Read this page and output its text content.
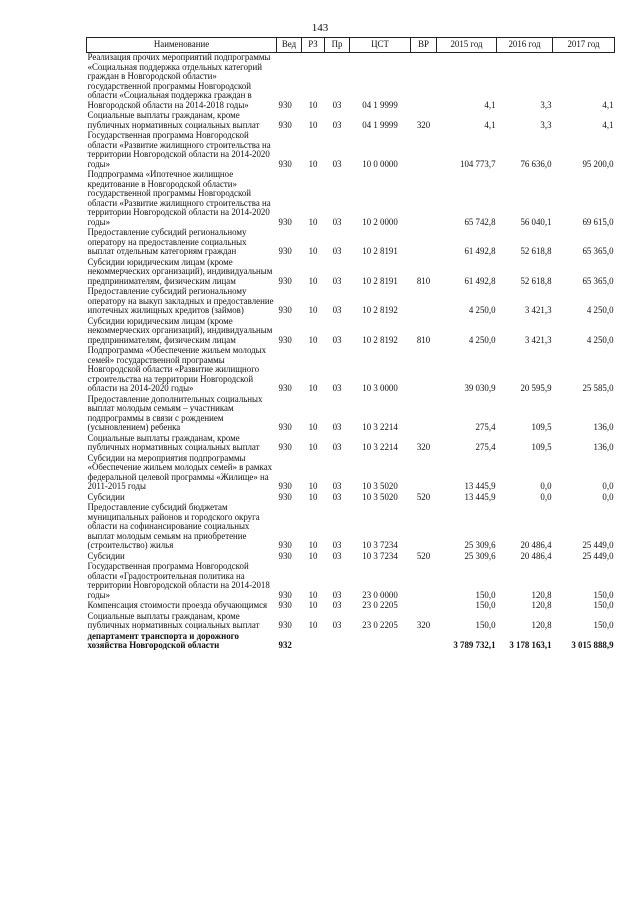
143
Наименование	Вед	РЗ	Пр	ЦСТ	ВР	2015 год	2016 год	2017 год
Реализация прочих мероприятий подпрограммы «Социальная поддержка отдельных категорий граждан в Новгородской области» государственной программы Новгородской области «Социальная поддержка граждан в Новгородской области на 2014-2018 годы»	930	10	03	04 1 9999		4,1	3,3	4,1
Социальные выплаты гражданам, кроме публичных нормативных социальных выплат	930	10	03	04 1 9999	320	4,1	3,3	4,1
Государственная программа Новгородской области «Развитие жилищного строительства на территории Новгородской области на 2014-2020 годы»	930	10	03	10 0 0000		104 773,7	76 636,0	95 200,0
Подпрограмма «Ипотечное жилищное кредитование в Новгородской области» государственной программы Новгородской области «Развитие жилищного строительства на территории Новгородской области на 2014-2020 годы»	930	10	03	10 2 0000		65 742,8	56 040,1	69 615,0
Предоставление субсидий региональному оператору на предоставление социальных выплат отдельным категориям граждан	930	10	03	10 2 8191		61 492,8	52 618,8	65 365,0
Субсидии юридическим лицам (кроме некоммерческих организаций), индивидуальным предпринимателям, физическим лицам	930	10	03	10 2 8191	810	61 492,8	52 618,8	65 365,0
Предоставление субсидий региональному оператору на выкуп закладных и предоставление ипотечных жилищных кредитов (займов)	930	10	03	10 2 8192		4 250,0	3 421,3	4 250,0
Субсидии юридическим лицам (кроме некоммерческих организаций), индивидуальным предпринимателям, физическим лицам	930	10	03	10 2 8192	810	4 250,0	3 421,3	4 250,0
Подпрограмма «Обеспечение жильем молодых семей» государственной программы Новгородской области «Развитие жилищного строительства на территории Новгородской области на 2014-2020 годы»	930	10	03	10 3 0000		39 030,9	20 595,9	25 585,0
Предоставление дополнительных социальных выплат молодым семьям – участникам подпрограммы в связи с рождением (усыновлением) ребенка	930	10	03	10 3 2214		275,4	109,5	136,0
Социальные выплаты гражданам, кроме публичных нормативных социальных выплат	930	10	03	10 3 2214	320	275,4	109,5	136,0
Субсидии на мероприятия подпрограммы «Обеспечение жильем молодых семей» в рамках федеральной целевой программы «Жилище» на 2011-2015 годы	930	10	03	10 3 5020		13 445,9	0,0	0,0
Субсидии	930	10	03	10 3 5020	520	13 445,9	0,0	0,0
Предоставление субсидий бюджетам муниципальных районов и городского округа области на софинансирование социальных выплат молодым семьям на приобретение (строительство) жилья	930	10	03	10 3 7234		25 309,6	20 486,4	25 449,0
Субсидии	930	10	03	10 3 7234	520	25 309,6	20 486,4	25 449,0
Государственная программа Новгородской области «Градостроительная политика на территории Новгородской области на 2014-2018 годы»	930	10	03	23 0 0000		150,0	120,8	150,0
Компенсация стоимости проезда обучающимся	930	10	03	23 0 2205		150,0	120,8	150,0
Социальные выплаты гражданам, кроме публичных нормативных социальных выплат	930	10	03	23 0 2205	320	150,0	120,8	150,0
департамент транспорта и дорожного хозяйства Новгородской области	932					3 789 732,1	3 178 163,1	3 015 888,9
